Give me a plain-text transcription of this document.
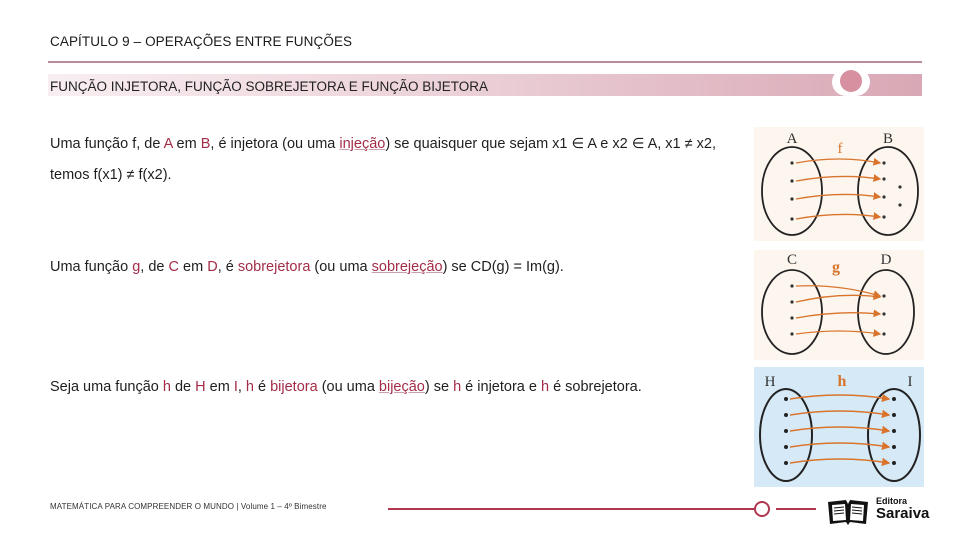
CAPÍTULO 9 – OPERAÇÕES ENTRE FUNÇÕES
FUNÇÃO INJETORA, FUNÇÃO SOBREJETORA E FUNÇÃO BIJETORA
Uma função f, de A em B, é injetora (ou uma injeção) se quaisquer que sejam x1 ∈ A e x2 ∈ A, x1 ≠ x2, temos f(x1) ≠ f(x2).
Uma função g, de C em D, é sobrejetora (ou uma sobrejeção) se CD(g) = Im(g).
Seja uma função h de H em I, h é bijetora (ou uma bijeção) se h é injetora e h é sobrejetora.
A
f
B
C g	D
H	h	I
MATEMÁTICA PARA COMPREENDER O MUNDO | Volume 1 – 4º Bimestre
Editora
Saraiva
